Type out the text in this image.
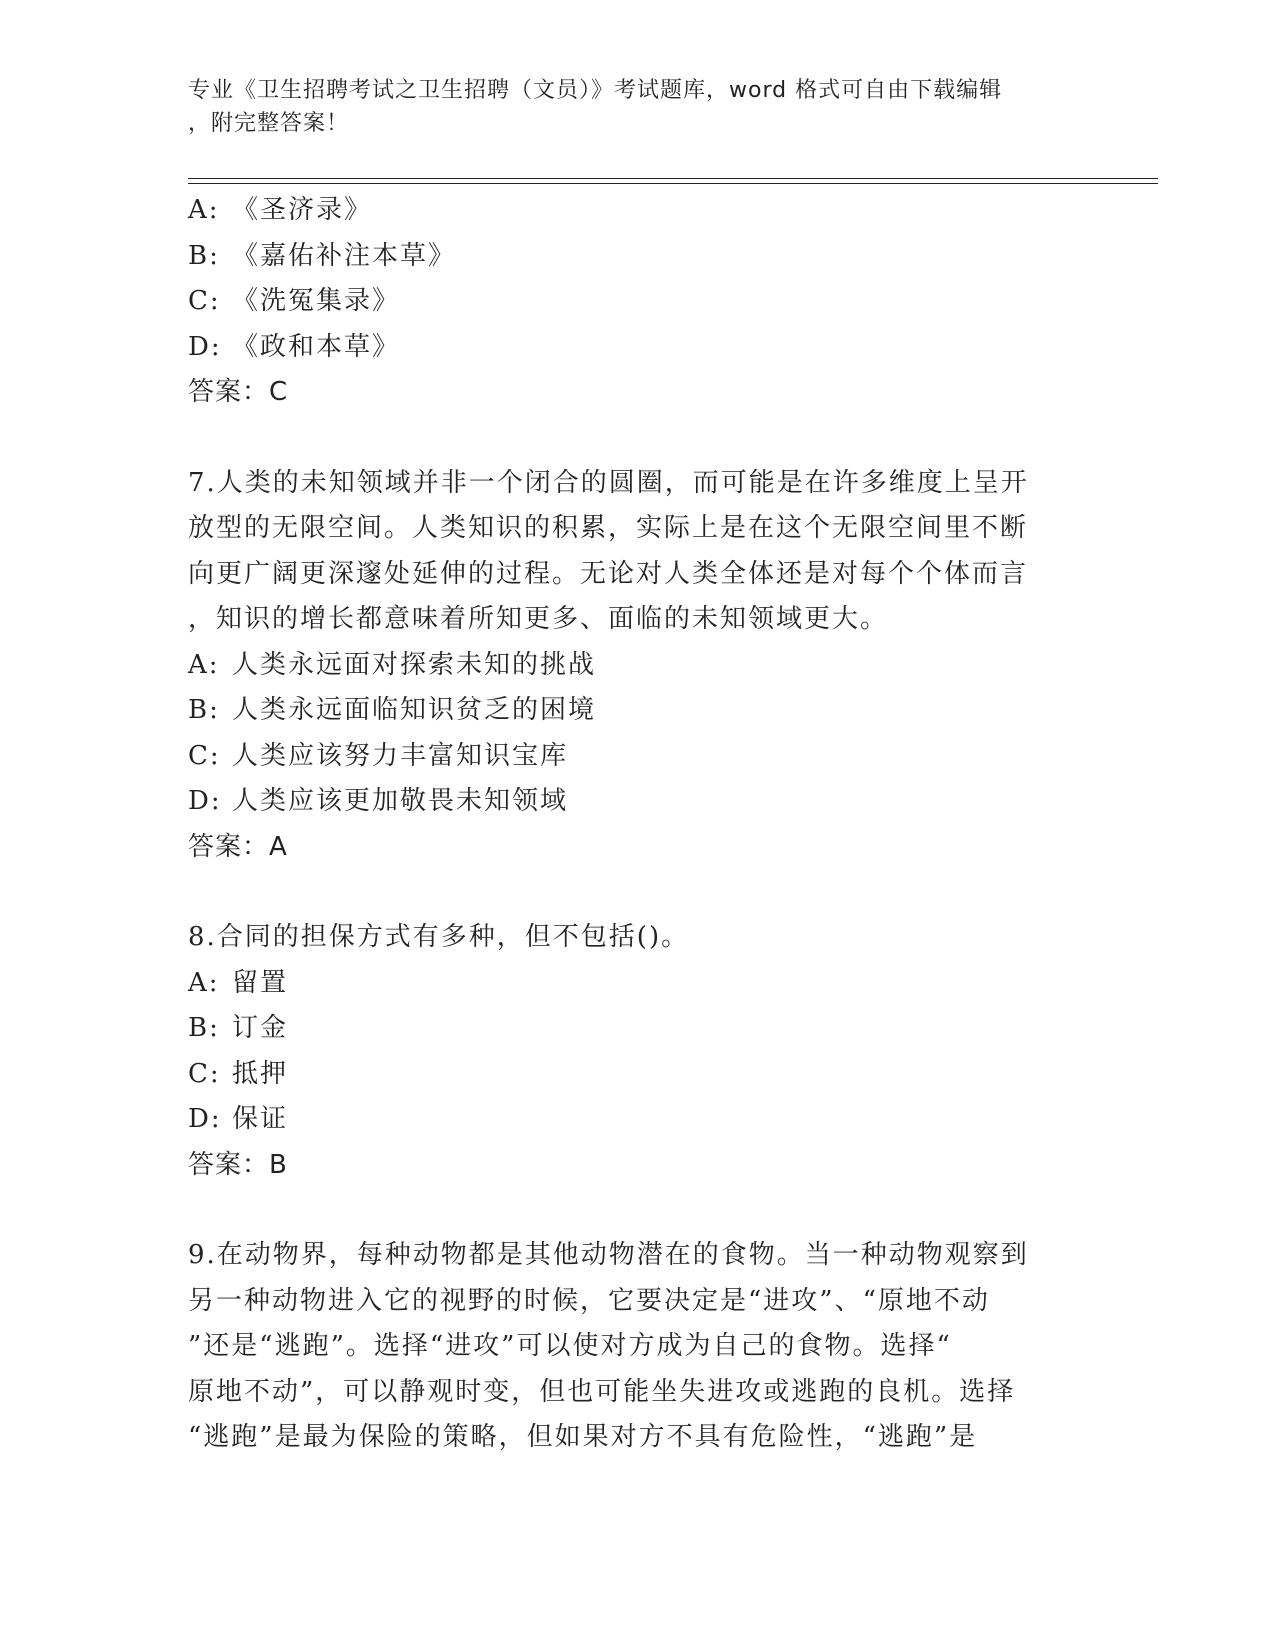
专业《卫生招聘考试之卫生招聘（文员）》考试题库，word 格式可自由下载编辑
，附完整答案！
A: 《圣济录》
B: 《嘉佑补注本草》
C: 《洗冤集录》
D: 《政和本草》
答案：C
7.人类的未知领域并非一个闭合的圆圈，而可能是在许多维度上呈开
放型的无限空间。人类知识的积累，实际上是在这个无限空间里不断
向更广阔更深邃处延伸的过程。无论对人类全体还是对每个个体而言
，知识的增长都意味着所知更多、面临的未知领域更大。
A: 人类永远面对探索未知的挑战
B: 人类永远面临知识贫乏的困境
C: 人类应该努力丰富知识宝库
D: 人类应该更加敬畏未知领域
答案：A
8.合同的担保方式有多种，但不包括()。
A: 留置
B: 订金
C: 抵押
D: 保证
答案：B
9.在动物界，每种动物都是其他动物潜在的食物。当一种动物观察到
另一种动物进入它的视野的时候，它要决定是“进攻”、“原地不动
”还是“逃跑”。选择“进攻”可以使对方成为自己的食物。选择“
原地不动”，可以静观时变，但也可能坐失进攻或逃跑的良机。选择
“逃跑”是最为保险的策略，但如果对方不具有危险性，“逃跑”是
